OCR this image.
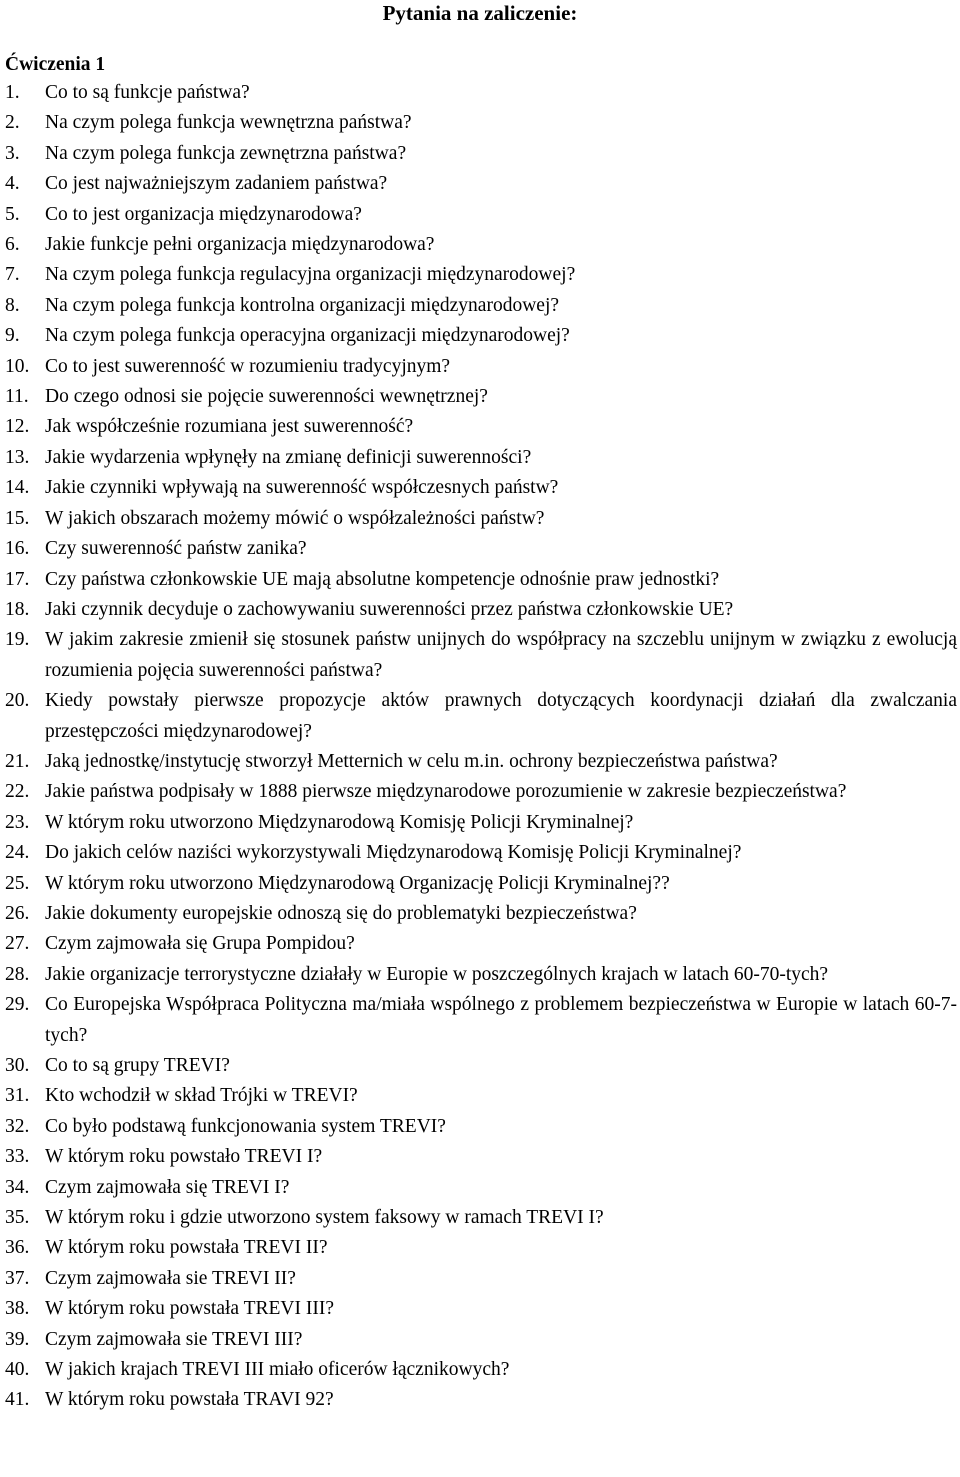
Pytania na zaliczenie:
Ćwiczenia 1
1. Co to są funkcje państwa?
2. Na czym polega funkcja wewnętrzna państwa?
3. Na czym polega funkcja zewnętrzna państwa?
4. Co jest najważniejszym zadaniem państwa?
5. Co to jest organizacja międzynarodowa?
6. Jakie funkcje pełni organizacja międzynarodowa?
7. Na czym polega funkcja regulacyjna organizacji międzynarodowej?
8. Na czym polega funkcja kontrolna organizacji międzynarodowej?
9. Na czym polega funkcja operacyjna organizacji międzynarodowej?
10. Co to jest suwerenność w rozumieniu tradycyjnym?
11. Do czego odnosi sie pojęcie suwerenności wewnętrznej?
12. Jak współcześnie rozumiana jest suwerenność?
13. Jakie wydarzenia wpłynęły na zmianę definicji suwerenności?
14. Jakie czynniki wpływają na suwerenność współczesnych państw?
15. W jakich obszarach możemy mówić o współzależności państw?
16. Czy suwerenność państw zanika?
17. Czy państwa członkowskie UE mają absolutne kompetencje odnośnie praw jednostki?
18. Jaki czynnik decyduje o zachowywaniu suwerenności przez państwa członkowskie UE?
19. W jakim zakresie zmienił się stosunek państw unijnych do współpracy na szczeblu unijnym w związku z ewolucją rozumienia pojęcia suwerenności państwa?
20. Kiedy powstały pierwsze propozycje aktów prawnych dotyczących koordynacji działań dla zwalczania przestępczości międzynarodowej?
21. Jaką jednostkę/instytucję stworzył Metternich w celu m.in. ochrony bezpieczeństwa państwa?
22. Jakie państwa podpisały w 1888 pierwsze międzynarodowe porozumienie w zakresie bezpieczeństwa?
23. W którym roku utworzono Międzynarodową Komisję Policji Kryminalnej?
24. Do jakich celów naziści wykorzystywali Międzynarodową Komisję Policji Kryminalnej?
25. W którym roku utworzono Międzynarodową Organizację Policji Kryminalnej??
26. Jakie dokumenty europejskie odnoszą się do problematyki bezpieczeństwa?
27. Czym zajmowała się Grupa Pompidou?
28. Jakie organizacje terrorystyczne działały w Europie w poszczególnych krajach w latach 60-70-tych?
29. Co Europejska Współpraca Polityczna ma/miała wspólnego z problemem bezpieczeństwa w Europie w latach 60-7-tych?
30. Co to są grupy TREVI?
31. Kto wchodził w skład Trójki w TREVI?
32. Co było podstawą funkcjonowania system TREVI?
33. W którym roku powstało TREVI I?
34. Czym zajmowała się TREVI I?
35. W którym roku i gdzie utworzono system faksowy w ramach TREVI I?
36. W którym roku powstała TREVI II?
37. Czym zajmowała sie TREVI II?
38. W którym roku powstała TREVI III?
39. Czym zajmowała sie TREVI III?
40. W jakich krajach TREVI III miało oficerów łącznikowych?
41. W którym roku powstała TRAVI 92?
